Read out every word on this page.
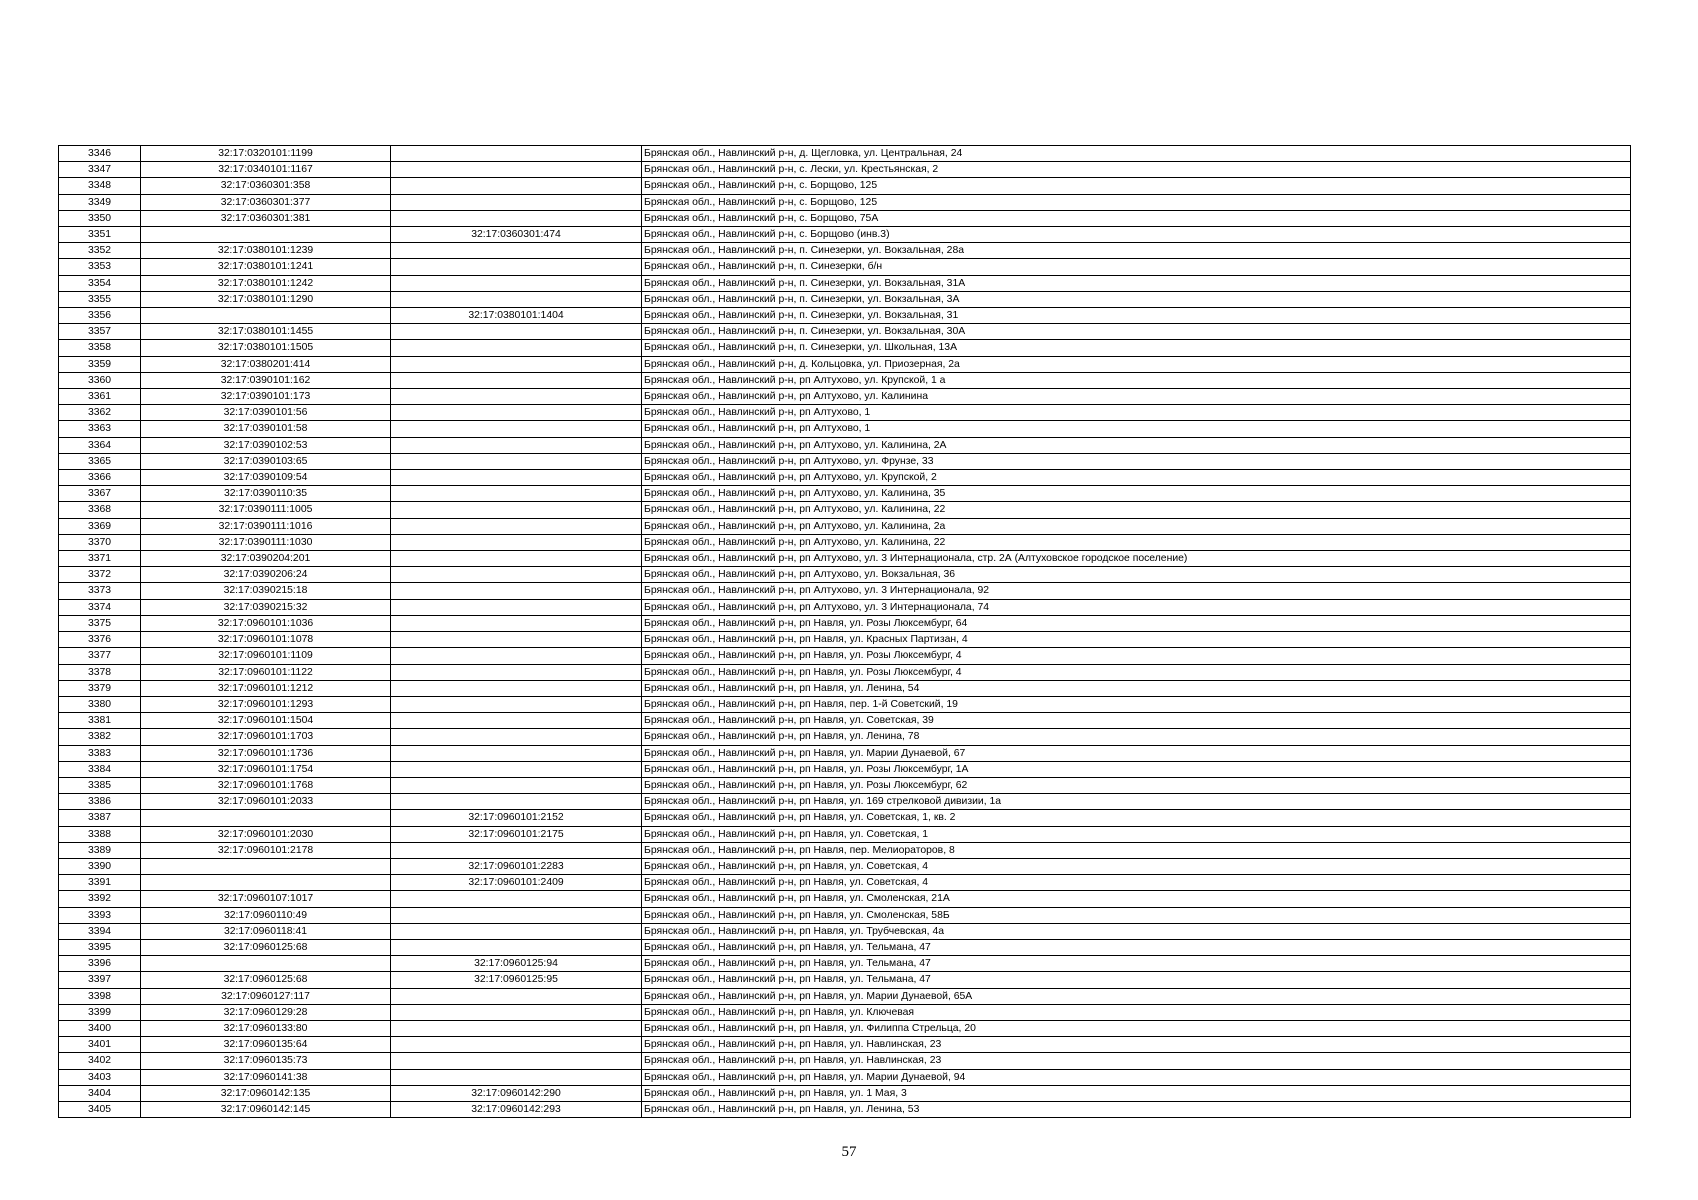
3346	32:17:0320101:1199		Брянская обл., Навлинский р-н, д. Щегловка, ул. Центральная, 24
3347	32:17:0340101:1167		Брянская обл., Навлинский р-н, с. Лески, ул. Крестьянская, 2
3348	32:17:0360301:358		Брянская обл., Навлинский р-н, с. Борщово, 125
3349	32:17:0360301:377		Брянская обл., Навлинский р-н, с. Борщово, 125
3350	32:17:0360301:381		Брянская обл., Навлинский р-н, с. Борщово, 75А
3351		32:17:0360301:474	Брянская обл., Навлинский р-н, с. Борщово (инв.3)
3352	32:17:0380101:1239		Брянская обл., Навлинский р-н, п. Синезерки, ул. Вокзальная, 28а
3353	32:17:0380101:1241		Брянская обл., Навлинский р-н, п. Синезерки, б/н
3354	32:17:0380101:1242		Брянская обл., Навлинский р-н, п. Синезерки, ул. Вокзальная, 31А
3355	32:17:0380101:1290		Брянская обл., Навлинский р-н, п. Синезерки, ул. Вокзальная, 3А
3356		32:17:0380101:1404	Брянская обл., Навлинский р-н, п. Синезерки, ул. Вокзальная, 31
3357	32:17:0380101:1455		Брянская обл., Навлинский р-н, п. Синезерки, ул. Вокзальная, 30А
3358	32:17:0380101:1505		Брянская обл., Навлинский р-н, п. Синезерки, ул. Школьная, 13А
3359	32:17:0380201:414		Брянская обл., Навлинский р-н, д. Кольцовка, ул. Приозерная, 2а
3360	32:17:0390101:162		Брянская обл., Навлинский р-н, рп Алтухово, ул. Крупской, 1 а
3361	32:17:0390101:173		Брянская обл., Навлинский р-н, рп Алтухово, ул. Калинина
3362	32:17:0390101:56		Брянская обл., Навлинский р-н, рп Алтухово, 1
3363	32:17:0390101:58		Брянская обл., Навлинский р-н, рп Алтухово, 1
3364	32:17:0390102:53		Брянская обл., Навлинский р-н, рп Алтухово, ул. Калинина, 2А
3365	32:17:0390103:65		Брянская обл., Навлинский р-н, рп Алтухово, ул. Фрунзе, 33
3366	32:17:0390109:54		Брянская обл., Навлинский р-н, рп Алтухово, ул. Крупской, 2
3367	32:17:0390110:35		Брянская обл., Навлинский р-н, рп Алтухово, ул. Калинина, 35
3368	32:17:0390111:1005		Брянская обл., Навлинский р-н, рп Алтухово, ул. Калинина, 22
3369	32:17:0390111:1016		Брянская обл., Навлинский р-н, рп Алтухово, ул. Калинина, 2а
3370	32:17:0390111:1030		Брянская обл., Навлинский р-н, рп Алтухово, ул. Калинина, 22
3371	32:17:0390204:201		Брянская обл., Навлинский р-н, рп Алтухово, ул. 3 Интернационала, стр. 2А (Алтуховское городское поселение)
3372	32:17:0390206:24		Брянская обл., Навлинский р-н, рп Алтухово, ул. Вокзальная, 36
3373	32:17:0390215:18		Брянская обл., Навлинский р-н, рп Алтухово, ул. 3 Интернационала, 92
3374	32:17:0390215:32		Брянская обл., Навлинский р-н, рп Алтухово, ул. 3 Интернационала, 74
3375	32:17:0960101:1036		Брянская обл., Навлинский р-н, рп Навля, ул. Розы Люксембург, 64
3376	32:17:0960101:1078		Брянская обл., Навлинский р-н, рп Навля, ул. Красных Партизан, 4
3377	32:17:0960101:1109		Брянская обл., Навлинский р-н, рп Навля, ул. Розы Люксембург, 4
3378	32:17:0960101:1122		Брянская обл., Навлинский р-н, рп Навля, ул. Розы Люксембург, 4
3379	32:17:0960101:1212		Брянская обл., Навлинский р-н, рп Навля, ул. Ленина, 54
3380	32:17:0960101:1293		Брянская обл., Навлинский р-н, рп Навля, пер. 1-й Советский, 19
3381	32:17:0960101:1504		Брянская обл., Навлинский р-н, рп Навля, ул. Советская, 39
3382	32:17:0960101:1703		Брянская обл., Навлинский р-н, рп Навля, ул. Ленина, 78
3383	32:17:0960101:1736		Брянская обл., Навлинский р-н, рп Навля, ул. Марии Дунаевой, 67
3384	32:17:0960101:1754		Брянская обл., Навлинский р-н, рп Навля, ул. Розы Люксембург, 1А
3385	32:17:0960101:1768		Брянская обл., Навлинский р-н, рп Навля, ул. Розы Люксембург, 62
3386	32:17:0960101:2033		Брянская обл., Навлинский р-н, рп Навля, ул. 169 стрелковой дивизии, 1а
3387		32:17:0960101:2152	Брянская обл., Навлинский р-н, рп Навля, ул. Советская, 1, кв. 2
3388	32:17:0960101:2030	32:17:0960101:2175	Брянская обл., Навлинский р-н, рп Навля, ул. Советская, 1
3389	32:17:0960101:2178		Брянская обл., Навлинский р-н, рп Навля, пер. Мелиораторов, 8
3390		32:17:0960101:2283	Брянская обл., Навлинский р-н, рп Навля, ул. Советская, 4
3391		32:17:0960101:2409	Брянская обл., Навлинский р-н, рп Навля, ул. Советская, 4
3392	32:17:0960107:1017		Брянская обл., Навлинский р-н, рп Навля, ул. Смоленская, 21А
3393	32:17:0960110:49		Брянская обл., Навлинский р-н, рп Навля, ул. Смоленская, 58Б
3394	32:17:0960118:41		Брянская обл., Навлинский р-н, рп Навля, ул. Трубчевская, 4а
3395	32:17:0960125:68		Брянская обл., Навлинский р-н, рп Навля, ул. Тельмана, 47
3396		32:17:0960125:94	Брянская обл., Навлинский р-н, рп Навля, ул. Тельмана, 47
3397	32:17:0960125:68	32:17:0960125:95	Брянская обл., Навлинский р-н, рп Навля, ул. Тельмана, 47
3398	32:17:0960127:117		Брянская обл., Навлинский р-н, рп Навля, ул. Марии Дунаевой, 65А
3399	32:17:0960129:28		Брянская обл., Навлинский р-н, рп Навля, ул. Ключевая
3400	32:17:0960133:80		Брянская обл., Навлинский р-н, рп Навля, ул. Филиппа Стрельца, 20
3401	32:17:0960135:64		Брянская обл., Навлинский р-н, рп Навля, ул. Навлинская, 23
3402	32:17:0960135:73		Брянская обл., Навлинский р-н, рп Навля, ул. Навлинская, 23
3403	32:17:0960141:38		Брянская обл., Навлинский р-н, рп Навля, ул. Марии Дунаевой, 94
3404	32:17:0960142:135	32:17:0960142:290	Брянская обл., Навлинский р-н, рп Навля, ул. 1 Мая, 3
3405	32:17:0960142:145	32:17:0960142:293	Брянская обл., Навлинский р-н, рп Навля, ул. Ленина, 53
57
